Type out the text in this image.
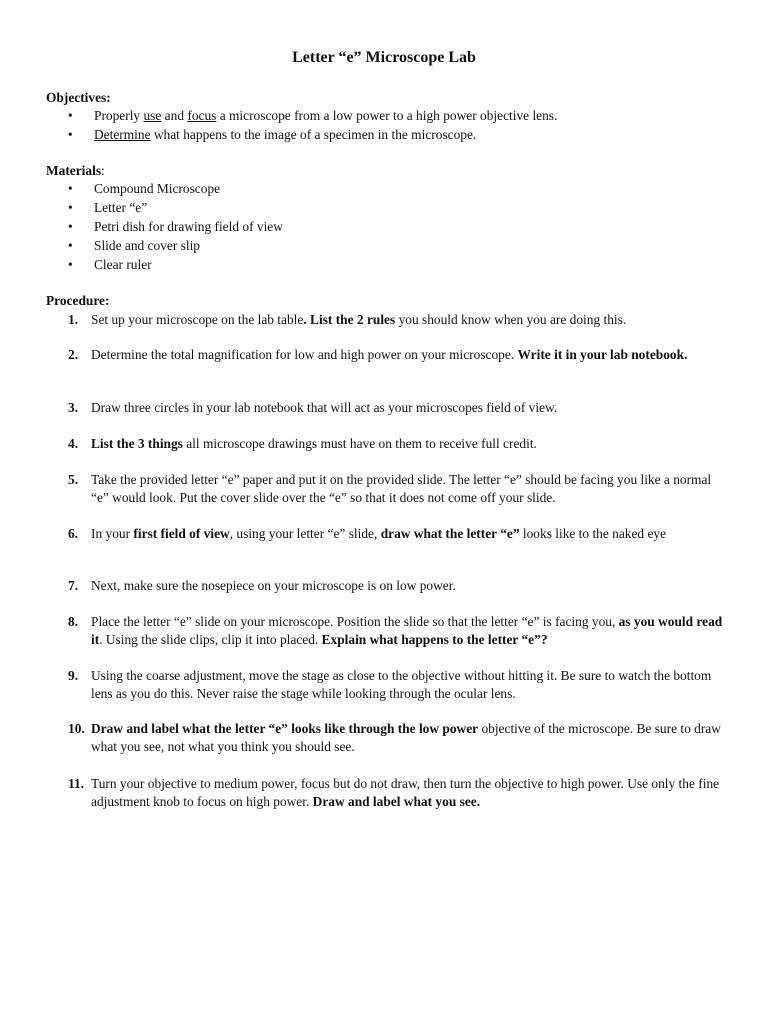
Letter “e” Microscope Lab
Objectives:
• Properly use and focus a microscope from a low power to a high power objective lens.
• Determine what happens to the image of a specimen in the microscope.
Materials:
• Compound Microscope
• Letter “e”
• Petri dish for drawing field of view
• Slide and cover slip
• Clear ruler
Procedure:
1. Set up your microscope on the lab table. List the 2 rules you should know when you are doing this.
2. Determine the total magnification for low and high power on your microscope. Write it in your lab notebook.
3. Draw three circles in your lab notebook that will act as your microscopes field of view.
4. List the 3 things all microscope drawings must have on them to receive full credit.
5. Take the provided letter “e” paper and put it on the provided slide. The letter “e” should be facing you like a normal “e” would look. Put the cover slide over the “e” so that it does not come off your slide.
6. In your first field of view, using your letter “e” slide, draw what the letter “e” looks like to the naked eye
7. Next, make sure the nosepiece on your microscope is on low power.
8. Place the letter “e” slide on your microscope. Position the slide so that the letter “e” is facing you, as you would read it. Using the slide clips, clip it into placed. Explain what happens to the letter “e”?
9. Using the coarse adjustment, move the stage as close to the objective without hitting it. Be sure to watch the bottom lens as you do this. Never raise the stage while looking through the ocular lens.
10. Draw and label what the letter “e” looks like through the low power objective of the microscope. Be sure to draw what you see, not what you think you should see.
11. Turn your objective to medium power, focus but do not draw, then turn the objective to high power. Use only the fine adjustment knob to focus on high power. Draw and label what you see.
